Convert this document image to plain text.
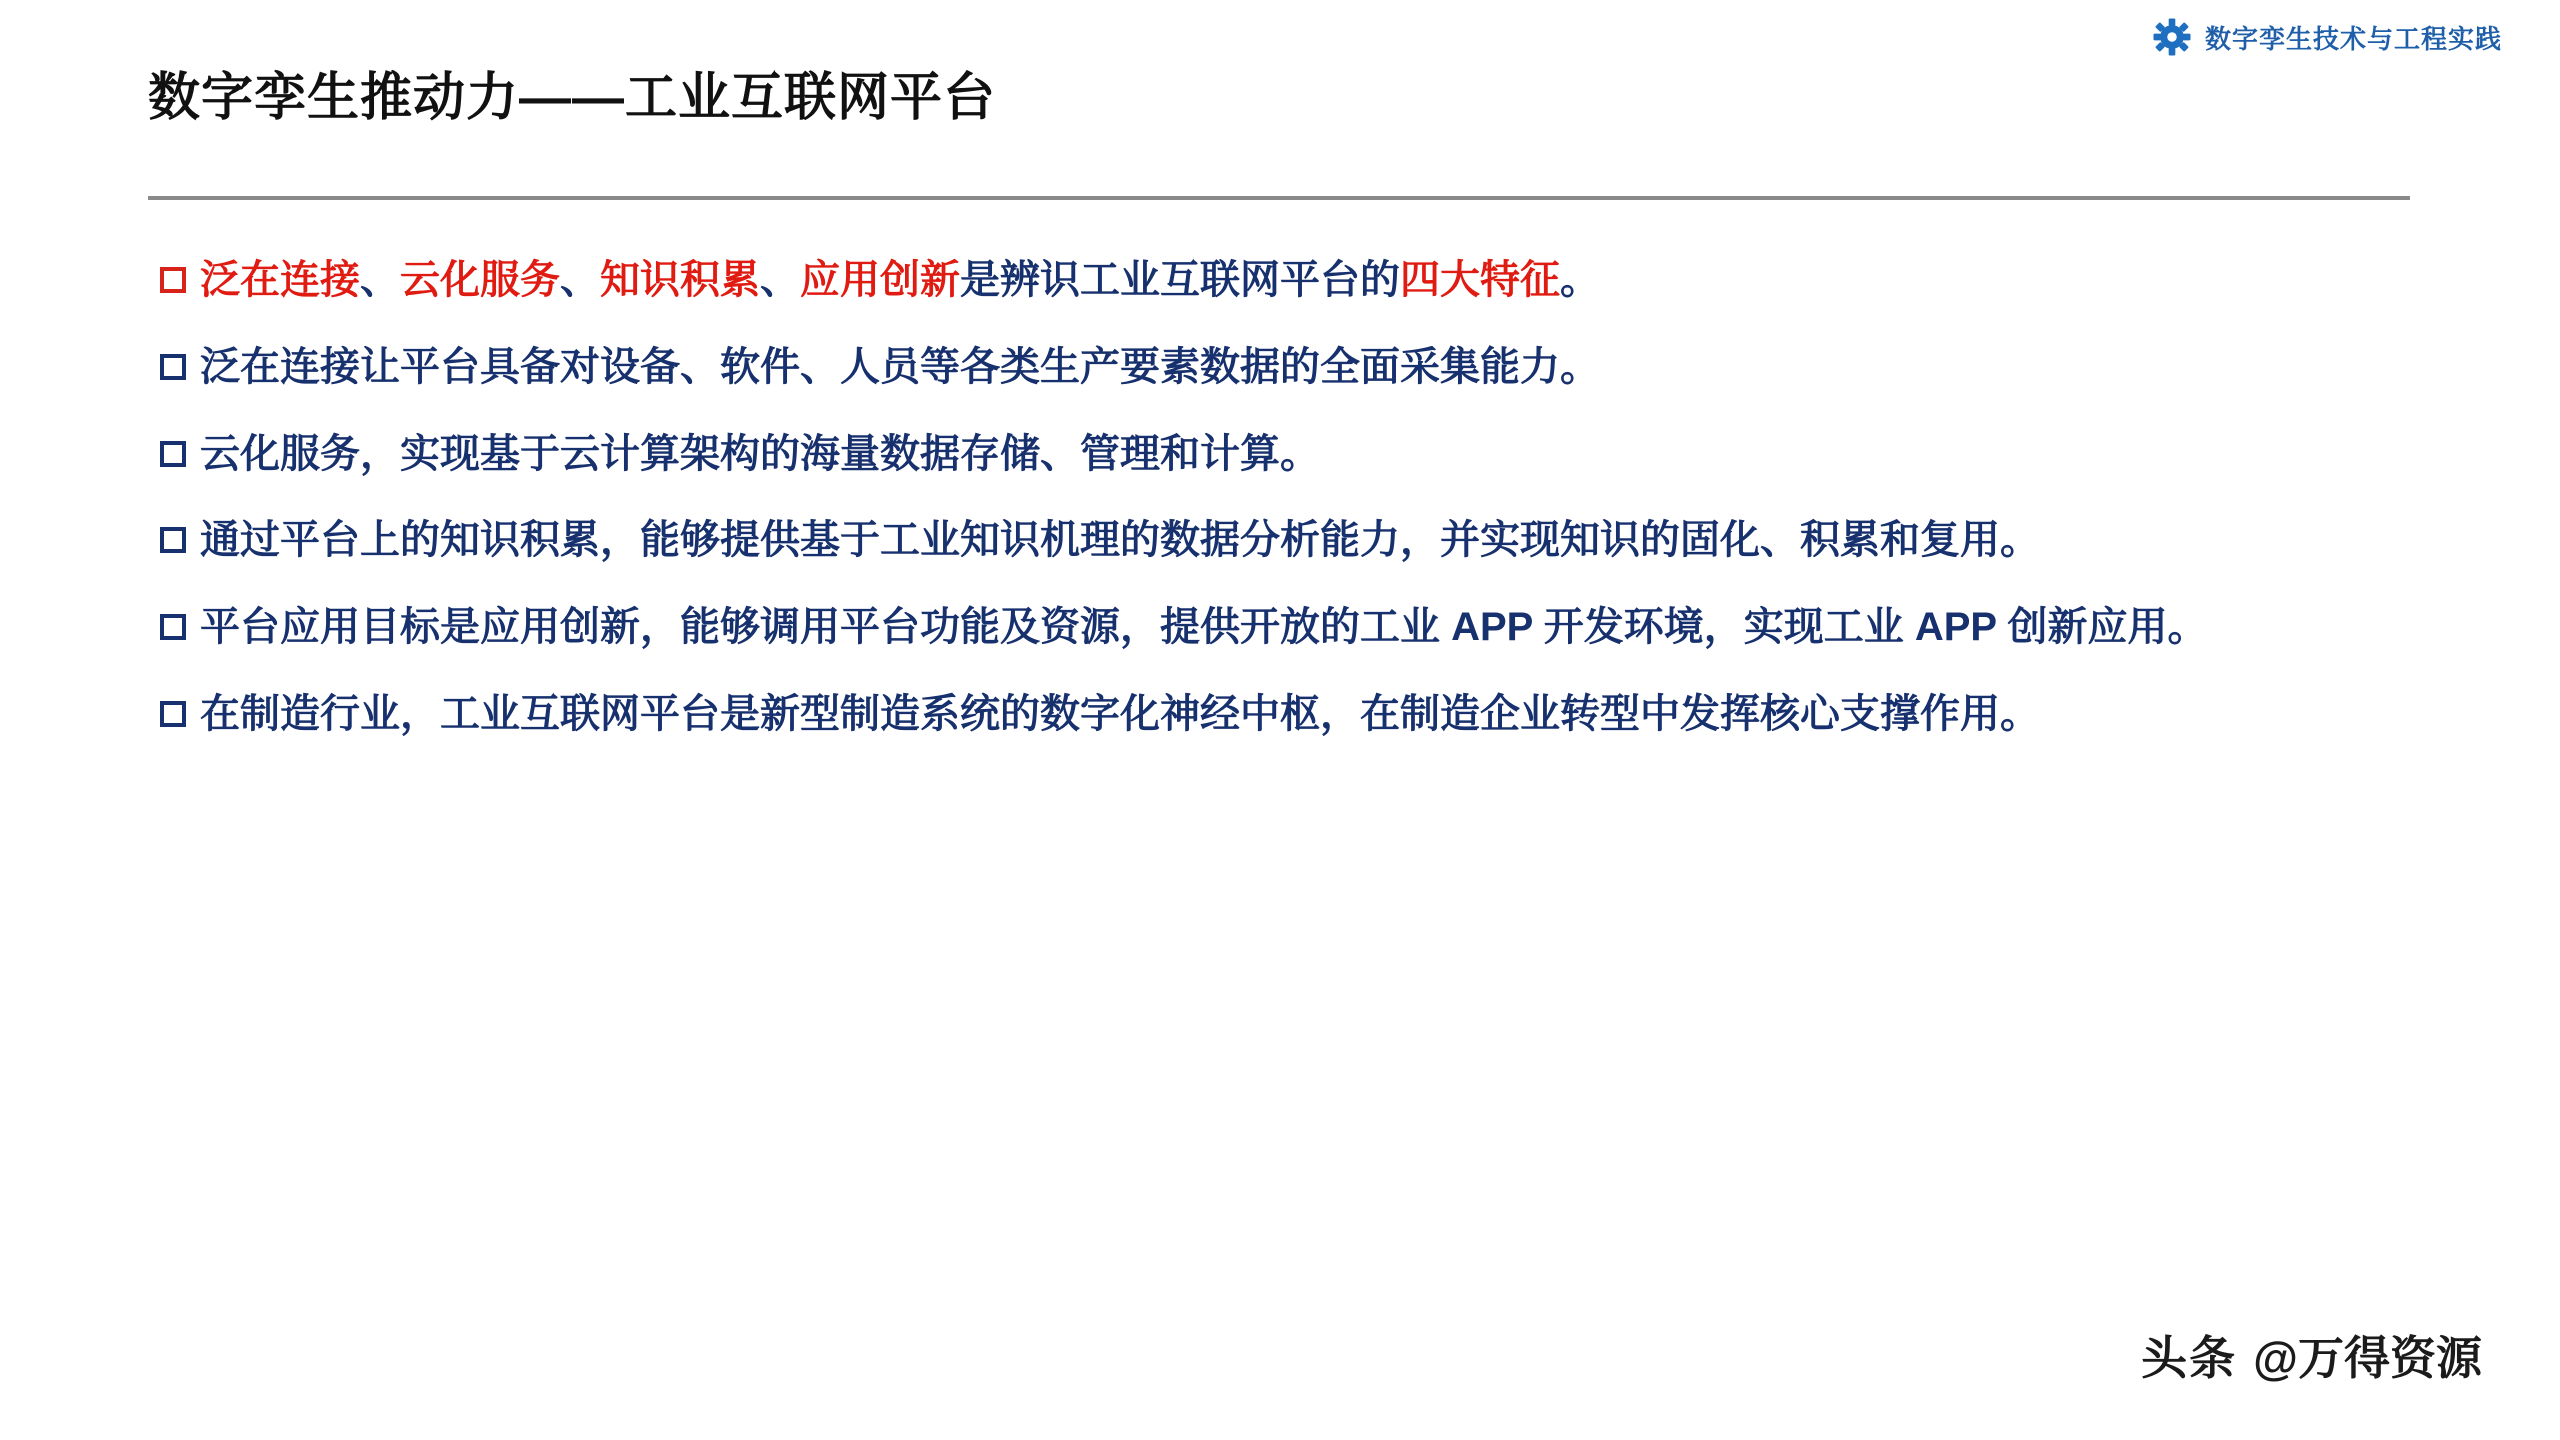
数字孪生技术与工程实践
数字孪生推动力——工业互联网平台
泛在连接、云化服务、知识积累、应用创新是辨识工业互联网平台的四大特征。
泛在连接让平台具备对设备、软件、人员等各类生产要素数据的全面采集能力。
云化服务，实现基于云计算架构的海量数据存储、管理和计算。
通过平台上的知识积累，能够提供基于工业知识机理的数据分析能力，并实现知识的固化、积累和复用。
平台应用目标是应用创新，能够调用平台功能及资源，提供开放的工业 APP 开发环境，实现工业 APP 创新应用。
在制造行业，工业互联网平台是新型制造系统的数字化神经中枢，在制造企业转型中发挥核心支撑作用。
头条 @万得资源
